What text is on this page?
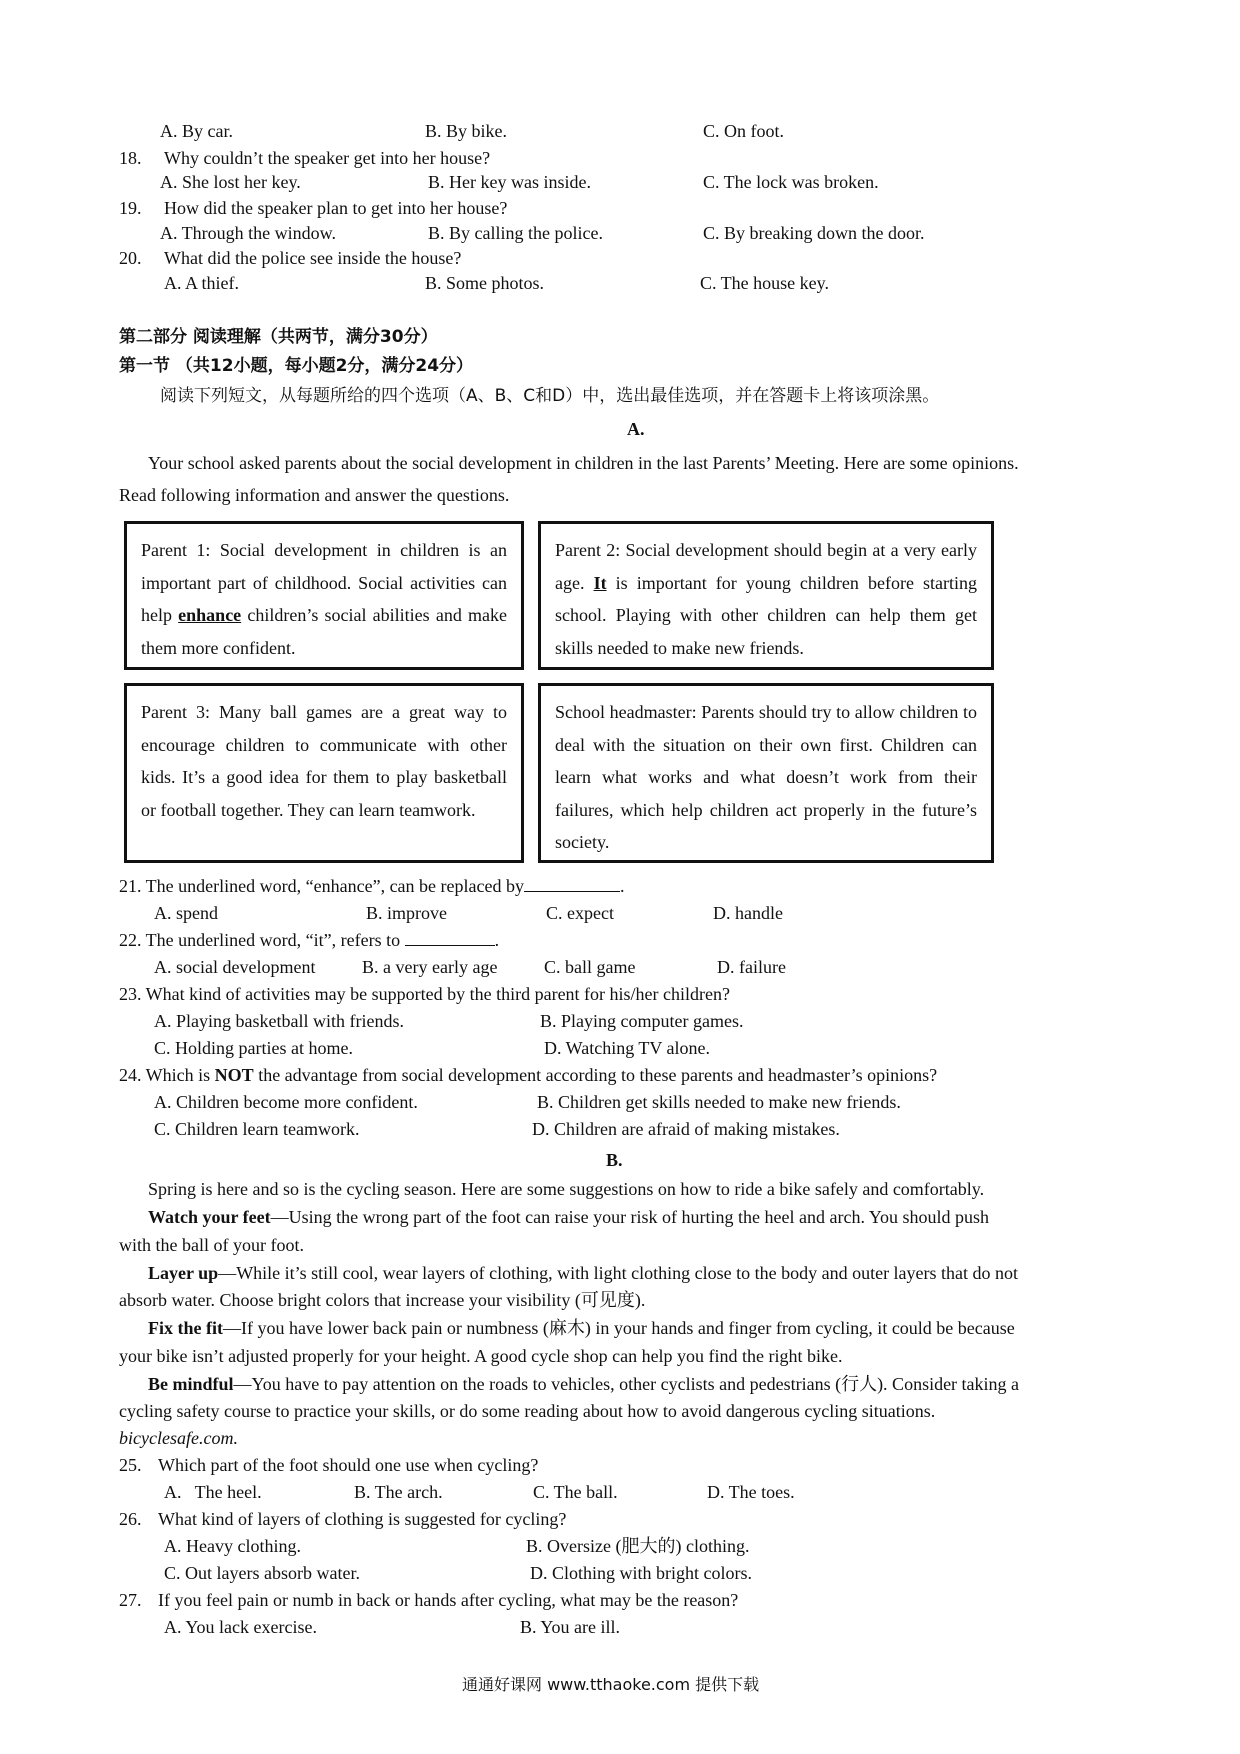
A. By car.	B. By bike.	C. On foot.
18. Why couldn’t the speaker get into her house?
A. She lost her key.	B. Her key was inside.	C. The lock was broken.
19. How did the speaker plan to get into her house?
A. Through the window.	B. By calling the police.	C. By breaking down the door.
20. What did the police see inside the house?
A. A thief.	B. Some photos.	C. The house key.
第二部分 阅读理解（共两节，满分30分）
第一节 （共12小题，每小题2分，满分24分）
阅读下列短文，从每题所给的四个选项（A、B、C和D）中，选出最佳选项，并在答题卡上将该项涂黑。
A.
Your school asked parents about the social development in children in the last Parents’ Meeting. Here are some opinions.
Read following information and answer the questions.
Parent 1: Social development in children is an important part of childhood. Social activities can help enhance children’s social abilities and make them more confident.
Parent 2: Social development should begin at a very early age. It is important for young children before starting school. Playing with other children can help them get skills needed to make new friends.
Parent 3: Many ball games are a great way to encourage children to communicate with other kids. It’s a good idea for them to play basketball or football together. They can learn teamwork.
School headmaster: Parents should try to allow children to deal with the situation on their own first. Children can learn what works and what doesn’t work from their failures, which help children act properly in the future’s society.
21. The underlined word, “enhance”, can be replaced by	.
A. spend	B. improve	C. expect	D. handle
22. The underlined word, “it”, refers to	.
A. social development	B. a very early age	C. ball game	D. failure
23. What kind of activities may be supported by the third parent for his/her children?
A. Playing basketball with friends.	B. Playing computer games.
C. Holding parties at home.	D. Watching TV alone.
24. Which is NOT the advantage from social development according to these parents and headmaster’s opinions?
A. Children become more confident.	B. Children get skills needed to make new friends.
C. Children learn teamwork.	D. Children are afraid of making mistakes.
B.
Spring is here and so is the cycling season. Here are some suggestions on how to ride a bike safely and comfortably.
Watch your feet—Using the wrong part of the foot can raise your risk of hurting the heel and arch. You should push
with the ball of your foot.
Layer up—While it’s still cool, wear layers of clothing, with light clothing close to the body and outer layers that do not
absorb water. Choose bright colors that increase your visibility (可见度).
Fix the fit—If you have lower back pain or numbness (麻木) in your hands and finger from cycling, it could be because
your bike isn’t adjusted properly for your height. A good cycle shop can help you find the right bike.
Be mindful—You have to pay attention on the roads to vehicles, other cyclists and pedestrians (行人). Consider taking a
cycling safety course to practice your skills, or do some reading about how to avoid dangerous cycling situations.
bicyclesafe.com.
25. Which part of the foot should one use when cycling?
A.   The heel.	B. The arch.	C. The ball.	D. The toes.
26. What kind of layers of clothing is suggested for cycling?
A. Heavy clothing.	B. Oversize (肥大的) clothing.
C. Out layers absorb water.	D. Clothing with bright colors.
27. If you feel pain or numb in back or hands after cycling, what may be the reason?
A. You lack exercise.	B. You are ill.
通通好课网 www.tthaoke.com 提供下载
